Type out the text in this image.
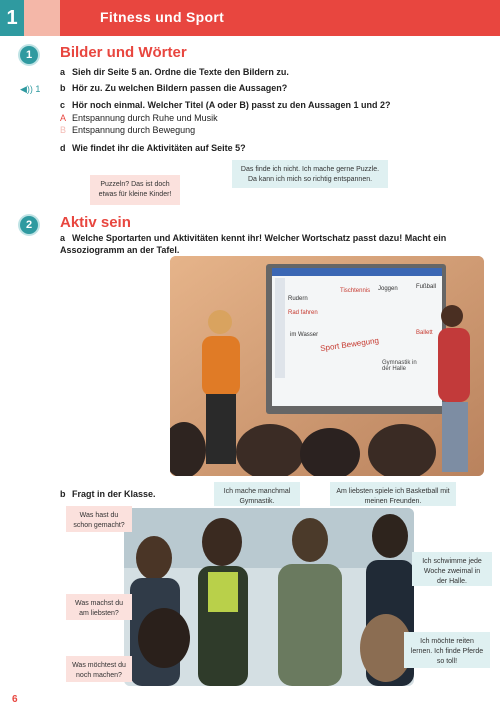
1	Fitness und Sport
1	Bilder und Wörter
a Sieh dir Seite 5 an. Ordne die Texte den Bildern zu.
◀)) 1 b Hör zu. Zu welchen Bildern passen die Aussagen?
c Hör noch einmal. Welcher Titel (A oder B) passt zu den Aussagen 1 und 2?
A Entspannung durch Ruhe und Musik
B Entspannung durch Bewegung
d Wie findet ihr die Aktivitäten auf Seite 5?
Das finde ich nicht. Ich mache gerne Puzzle. Da kann ich mich so richtig entspannen.
Puzzeln? Das ist doch etwas für kleine Kinder!
2	Aktiv sein
a Welche Sportarten und Aktivitäten kennt ihr! Welcher Wortschatz passt dazu! Macht ein Assoziogramm an der Tafel.
Sport Bewegung
Tischtennis
Fußball
Rad fahren
Ballett
Gymnastik in der Halle
Rudern
Joggen
im Wasser
b Fragt in der Klasse.
Was hast du schon gemacht?
Was machst du am liebsten?
Was möchtest du noch machen?
Ich mache manchmal Gymnastik.
Am liebsten spiele ich Basketball mit meinen Freunden.
Ich schwimme jede Woche zweimal in der Halle.
Ich möchte reiten lernen. Ich finde Pferde so toll!
6
